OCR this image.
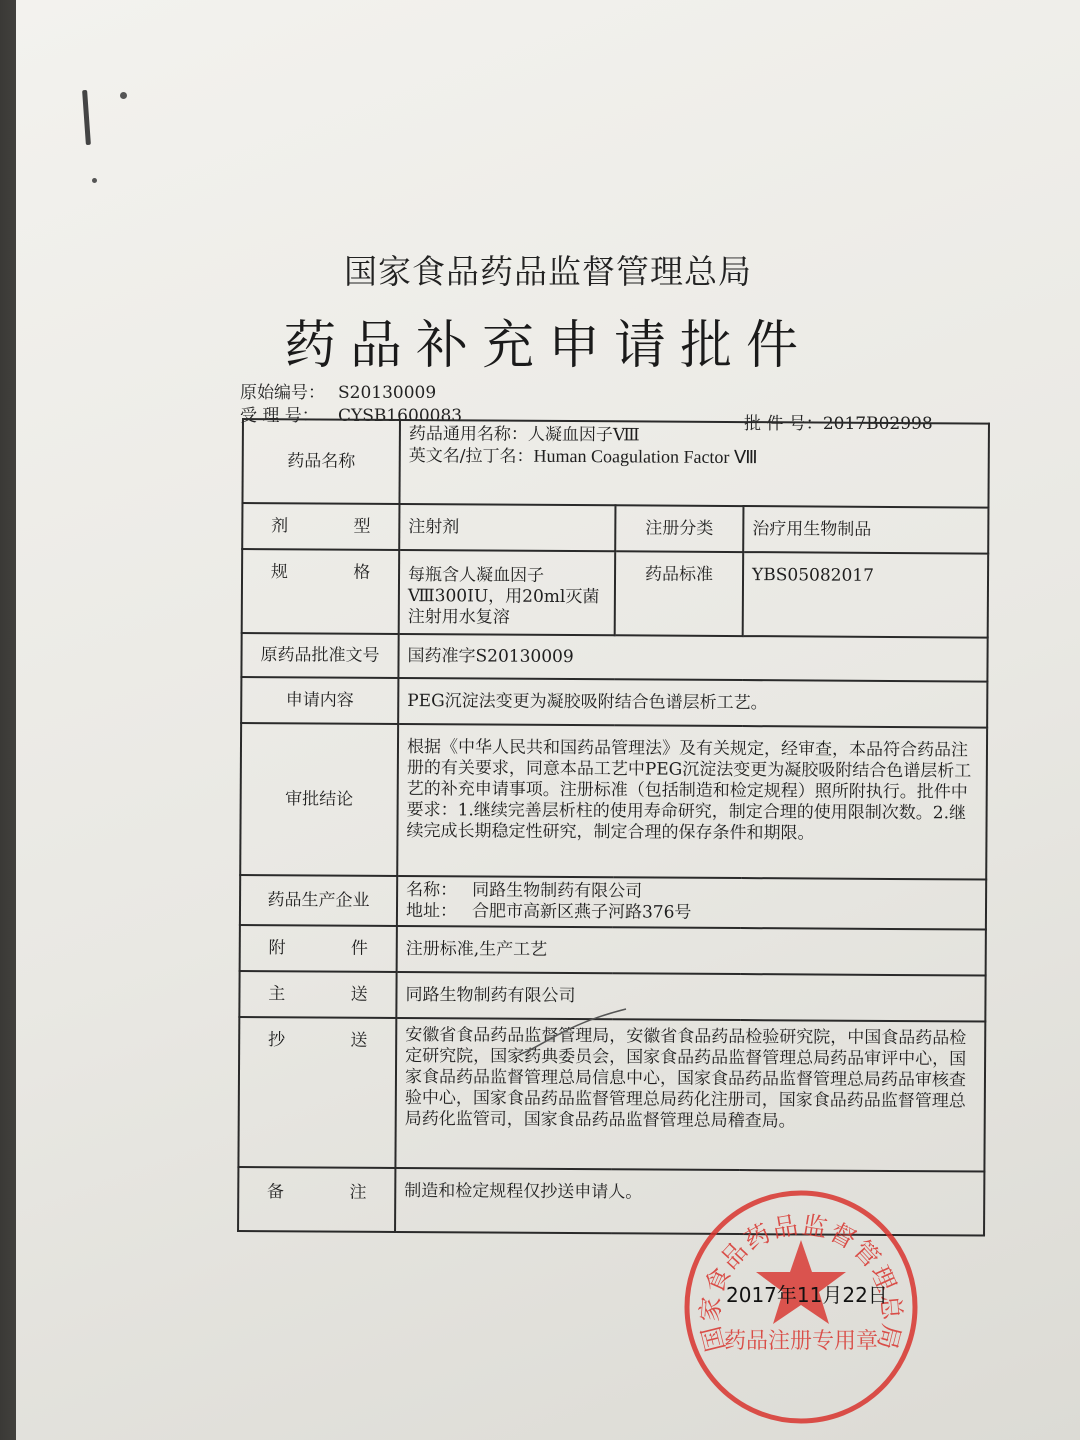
国家食品药品监督管理总局
药品补充申请批件
原始编号： S20130009
受 理 号： CYSB1600083	批 件 号：2017B02998
药品名称	药品通用名称：人凝血因子Ⅷ
英文名/拉丁名：Human Coagulation Factor Ⅷ		

剂 型	注射剂	注册分类	治疗用生物制品
规 格	每瓶含人凝血因子Ⅷ300IU，用20ml灭菌注射用水复溶	药品标准	YBS05082017
原药品批准文号	国药准字S20130009		
申请内容	PEG沉淀法变更为凝胶吸附结合色谱层析工艺。		
审批结论	根据《中华人民共和国药品管理法》及有关规定，经审查，本品符合药品注册的有关要求，同意本品工艺中PEG沉淀法变更为凝胶吸附结合色谱层析工艺的补充申请事项。注册标准（包括制造和检定规程）照所附执行。批件中要求：1.继续完善层析柱的使用寿命研究，制定合理的使用限制次数。2.继续完成长期稳定性研究，制定合理的保存条件和期限。		
药品生产企业	名称： 同路生物制药有限公司
地址： 合肥市高新区燕子河路376号		

附 件	注册标准,生产工艺		
主 送	同路生物制药有限公司		
抄 送	安徽省食品药品监督管理局，安徽省食品药品检验研究院，中国食品药品检定研究院，国家药典委员会，国家食品药品监督管理总局药品审评中心，国家食品药品监督管理总局信息中心，国家食品药品监督管理总局药品审核查验中心，国家食品药品监督管理总局药化注册司，国家食品药品监督管理总局药化监管司，国家食品药品监督管理总局稽查局。		
备 注	制造和检定规程仅抄送申请人。		
国家食品药品监督管理总局
药品注册专用章
2017年11月22日
